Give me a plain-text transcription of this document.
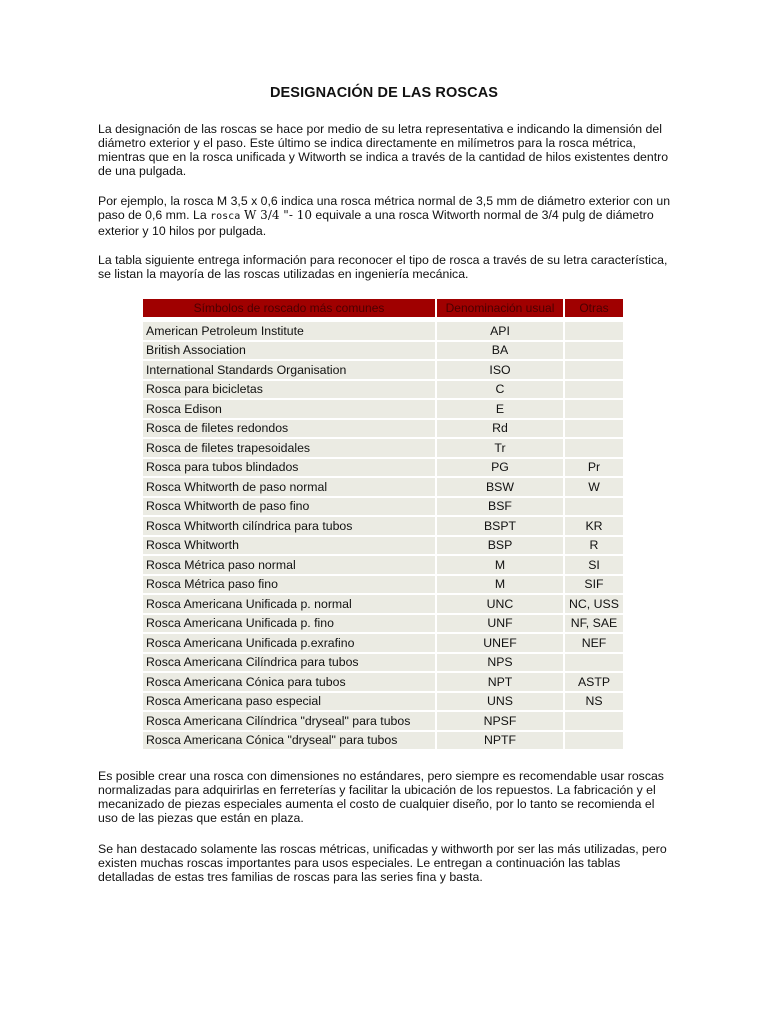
DESIGNACIÓN DE LAS ROSCAS

La designación de las roscas se hace por medio de su letra representativa e indicando la dimensión del diámetro exterior y el paso. Este último se indica directamente en milímetros para la rosca métrica, mientras que en la rosca unificada y Witworth se indica a través de la cantidad de hilos existentes dentro de una pulgada.

Por ejemplo, la rosca M 3,5 x 0,6 indica una rosca métrica normal de 3,5 mm de diámetro exterior con un paso de 0,6 mm. La rosca W 3/4 "- 10 equivale a una rosca Witworth normal de 3/4 pulg de diámetro exterior y 10 hilos por pulgada.

La tabla siguiente entrega información para reconocer el tipo de rosca a través de su letra característica, se listan la mayoría de las roscas utilizadas en ingeniería mecánica.

Símbolos de roscado más comunes	Denominación usual	Otras

American Petroleum Institute	API	
British Association	BA	
International Standards Organisation	ISO	
Rosca para bicicletas	C	
Rosca Edison	E	
Rosca de filetes redondos	Rd	
Rosca de filetes trapesoidales	Tr	
Rosca para tubos blindados	PG	Pr
Rosca Whitworth de paso normal	BSW	W
Rosca Whitworth de paso fino	BSF	
Rosca Whitworth cilíndrica para tubos	BSPT	KR
Rosca Whitworth	BSP	R
Rosca Métrica paso normal	M	SI
Rosca Métrica paso fino	M	SIF
Rosca Americana Unificada p. normal	UNC	NC, USS
Rosca Americana Unificada p. fino	UNF	NF, SAE
Rosca Americana Unificada p.exrafino	UNEF	NEF
Rosca Americana Cilíndrica para tubos	NPS	
Rosca Americana Cónica para tubos	NPT	ASTP
Rosca Americana paso especial	UNS	NS
Rosca Americana Cilíndrica "dryseal" para tubos	NPSF	
Rosca Americana Cónica "dryseal" para tubos	NPTF	

Es posible crear una rosca con dimensiones no estándares, pero siempre es recomendable usar roscas normalizadas para adquirirlas en ferreterías y facilitar la ubicación de los repuestos. La fabricación y el mecanizado de piezas especiales aumenta el costo de cualquier diseño, por lo tanto se recomienda el uso de las piezas que están en plaza.

Se han destacado solamente las roscas métricas, unificadas y withworth por ser las más utilizadas, pero existen muchas roscas importantes para usos especiales. Le entregan a continuación las tablas detalladas de estas tres familias de roscas para las series fina y basta.
